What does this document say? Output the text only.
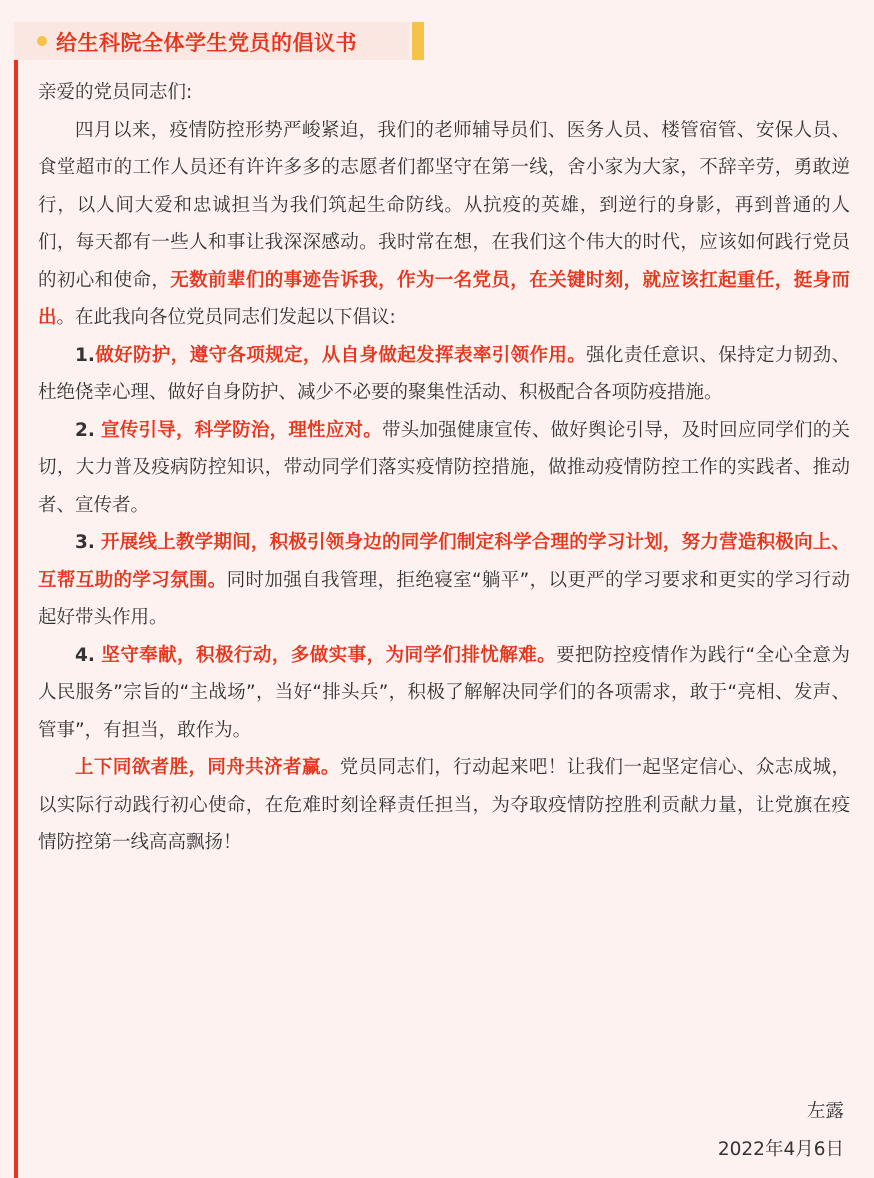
给生科院全体学生党员的倡议书

亲爱的党员同志们:

四月以来，疫情防控形势严峻紧迫，我们的老师辅导员们、医务人员、楼管宿管、安保人员、食堂超市的工作人员还有许许多多的志愿者们都坚守在第一线，舍小家为大家，不辞辛劳，勇敢逆行，以人间大爱和忠诚担当为我们筑起生命防线。从抗疫的英雄，到逆行的身影，再到普通的人们，每天都有一些人和事让我深深感动。我时常在想，在我们这个伟大的时代，应该如何践行党员的初心和使命，无数前辈们的事迹告诉我，作为一名党员，在关键时刻，就应该扛起重任，挺身而出。在此我向各位党员同志们发起以下倡议:

1.做好防护，遵守各项规定，从自身做起发挥表率引领作用。强化责任意识、保持定力韧劲、杜绝侥幸心理、做好自身防护、减少不必要的聚集性活动、积极配合各项防疫措施。

2. 宣传引导，科学防治，理性应对。带头加强健康宣传、做好舆论引导，及时回应同学们的关切，大力普及疫病防控知识，带动同学们落实疫情防控措施，做推动疫情防控工作的实践者、推动者、宣传者。

3. 开展线上教学期间，积极引领身边的同学们制定科学合理的学习计划，努力营造积极向上、互帮互助的学习氛围。同时加强自我管理，拒绝寝室“躺平”，以更严的学习要求和更实的学习行动起好带头作用。

4. 坚守奉献，积极行动，多做实事，为同学们排忧解难。要把防控疫情作为践行“全心全意为人民服务”宗旨的“主战场”，当好“排头兵”，积极了解解决同学们的各项需求，敢于“亮相、发声、管事”，有担当，敢作为。

上下同欲者胜，同舟共济者赢。党员同志们，行动起来吧！让我们一起坚定信心、众志成城，以实际行动践行初心使命，在危难时刻诠释责任担当，为夺取疫情防控胜利贡献力量，让党旗在疫情防控第一线高高飘扬！

左露
2022年4月6日
